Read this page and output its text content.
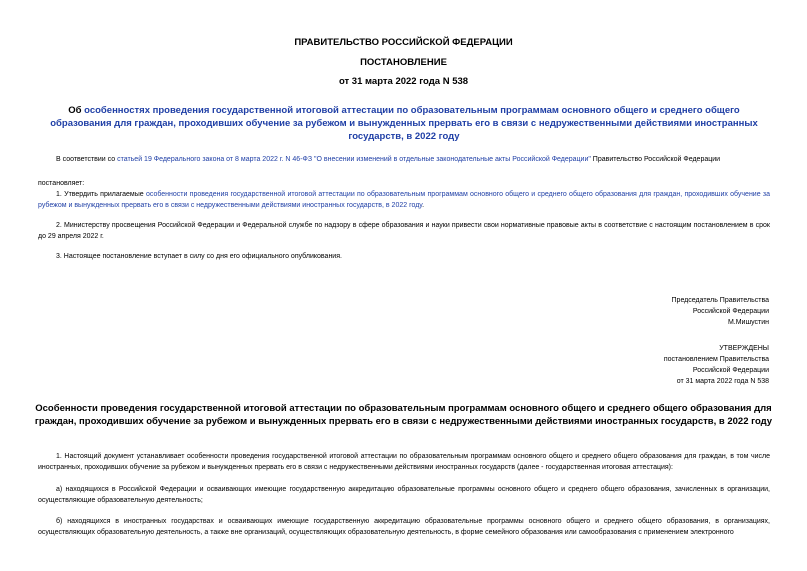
ПРАВИТЕЛЬСТВО РОССИЙСКОЙ ФЕДЕРАЦИИ
ПОСТАНОВЛЕНИЕ
от 31 марта 2022 года N 538
Об особенностях проведения государственной итоговой аттестации по образовательным программам основного общего и среднего общего образования для граждан, проходивших обучение за рубежом и вынужденных прервать его в связи с недружественными действиями иностранных государств, в 2022 году
В соответствии со статьей 19 Федерального закона от 8 марта 2022 г. N 46-ФЗ "О внесении изменений в отдельные законодательные акты Российской Федерации" Правительство Российской Федерации
постановляет:
1. Утвердить прилагаемые особенности проведения государственной итоговой аттестации по образовательным программам основного общего и среднего общего образования для граждан, проходивших обучение за рубежом и вынужденных прервать его в связи с недружественными действиями иностранных государств, в 2022 году.
2. Министерству просвещения Российской Федерации и Федеральной службе по надзору в сфере образования и науки привести свои нормативные правовые акты в соответствие с настоящим постановлением в срок до 29 апреля 2022 г.
3. Настоящее постановление вступает в силу со дня его официального опубликования.
Председатель Правительства
Российской Федерации
М.Мишустин
УТВЕРЖДЕНЫ
постановлением Правительства
Российской Федерации
от 31 марта 2022 года N 538
Особенности проведения государственной итоговой аттестации по образовательным программам основного общего и среднего общего образования для граждан, проходивших обучение за рубежом и вынужденных прервать его в связи с недружественными действиями иностранных государств, в 2022 году
1. Настоящий документ устанавливает особенности проведения государственной итоговой аттестации по образовательным программам основного общего и среднего общего образования для граждан, в том числе иностранных, проходивших обучение за рубежом и вынужденных прервать его в связи с недружественными действиями иностранных государств (далее - государственная итоговая аттестация):
а) находящихся в Российской Федерации и осваивающих имеющие государственную аккредитацию образовательные программы основного общего и среднего общего образования, зачисленных в организации, осуществляющие образовательную деятельность;
б) находящихся в иностранных государствах и осваивающих имеющие государственную аккредитацию образовательные программы основного общего и среднего общего образования, в организациях, осуществляющих образовательную деятельность, а также вне организаций, осуществляющих образовательную деятельность, в форме семейного образования или самообразования с применением электронного
